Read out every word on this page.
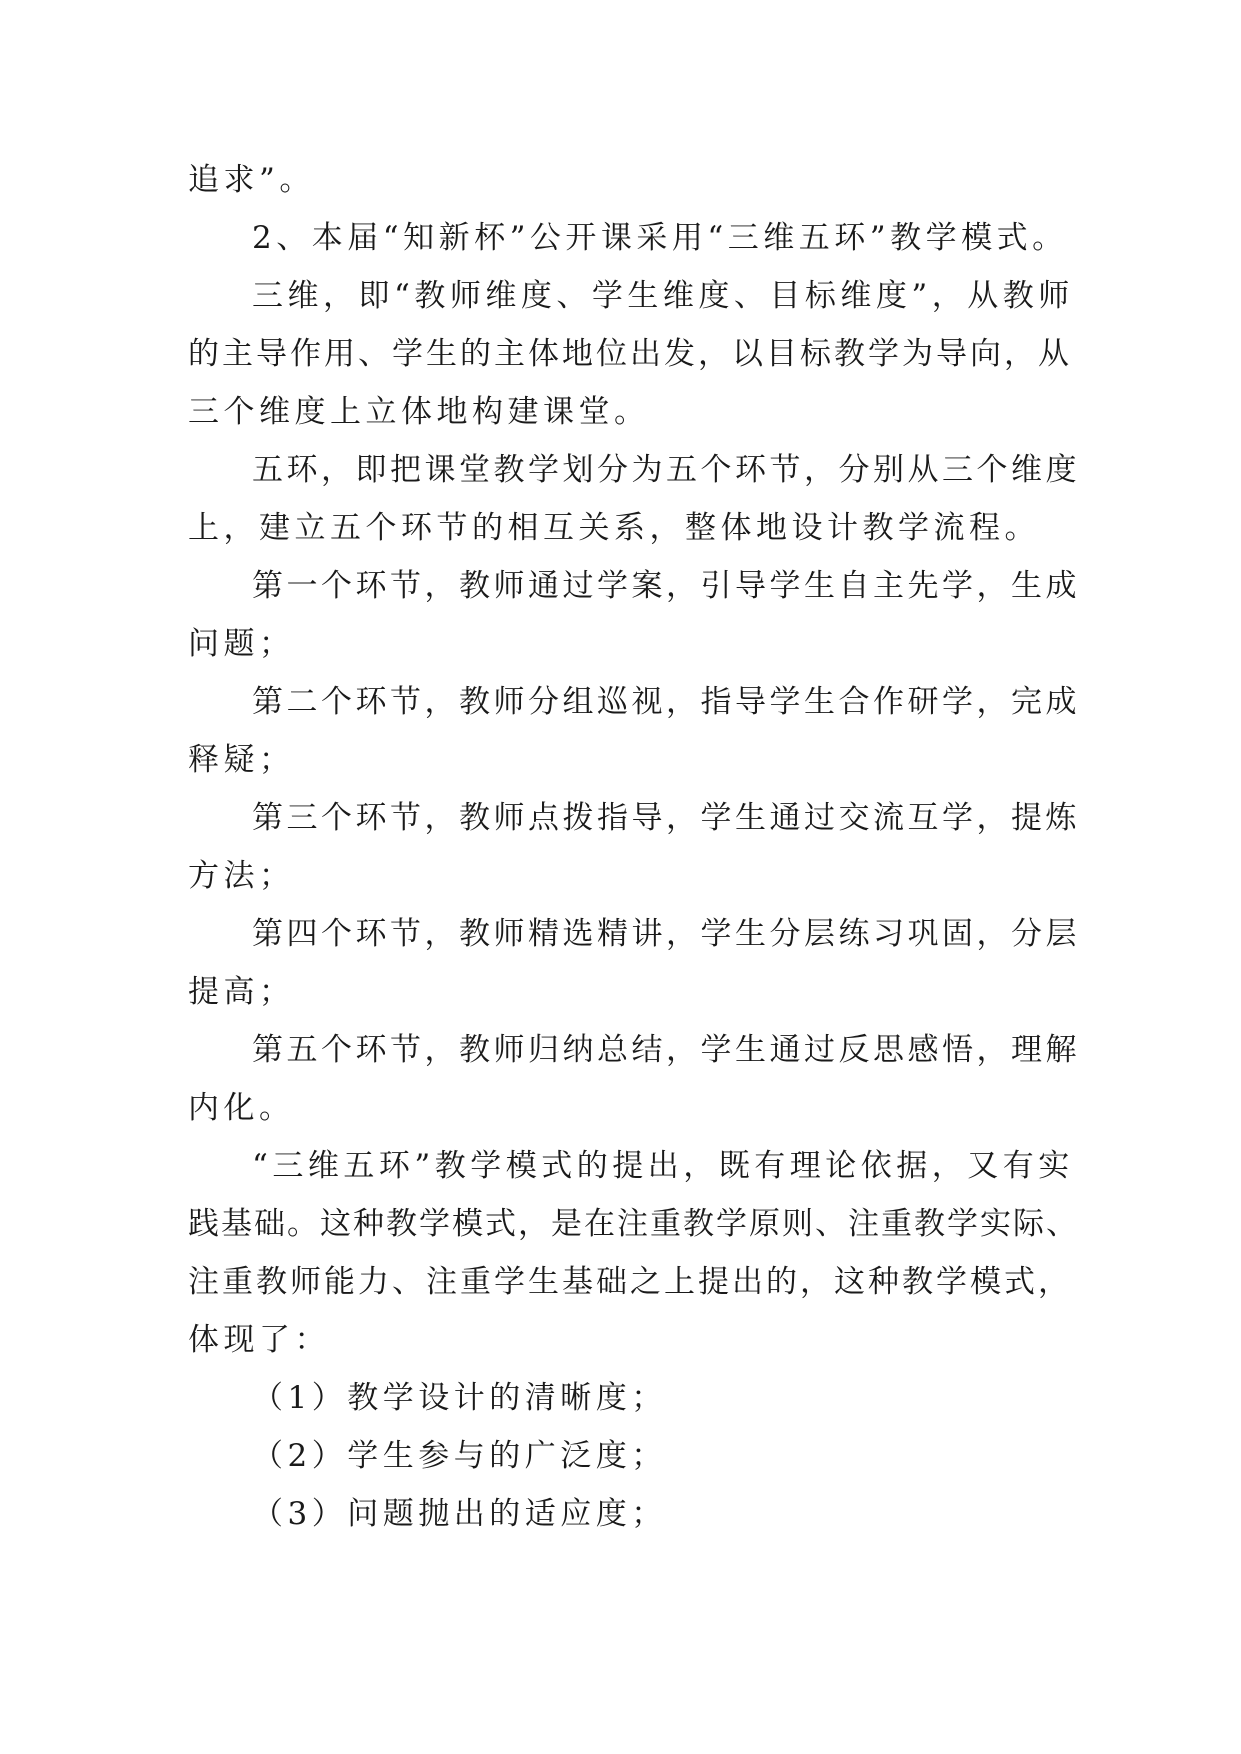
追求”。
2、本届“知新杯”公开课采用“三维五环”教学模式。
三维，即“教师维度、学生维度、目标维度”，从教师
的主导作用、学生的主体地位出发，以目标教学为导向，从
三个维度上立体地构建课堂。
五环，即把课堂教学划分为五个环节，分别从三个维度
上，建立五个环节的相互关系，整体地设计教学流程。
第一个环节，教师通过学案，引导学生自主先学，生成
问题；
第二个环节，教师分组巡视，指导学生合作研学，完成
释疑；
第三个环节，教师点拨指导，学生通过交流互学，提炼
方法；
第四个环节，教师精选精讲，学生分层练习巩固，分层
提高；
第五个环节，教师归纳总结，学生通过反思感悟，理解
内化。
“三维五环”教学模式的提出，既有理论依据，又有实
践基础。这种教学模式，是在注重教学原则、注重教学实际、
注重教师能力、注重学生基础之上提出的，这种教学模式，
体现了：
（1）教学设计的清晰度；
（2）学生参与的广泛度；
（3）问题抛出的适应度；
